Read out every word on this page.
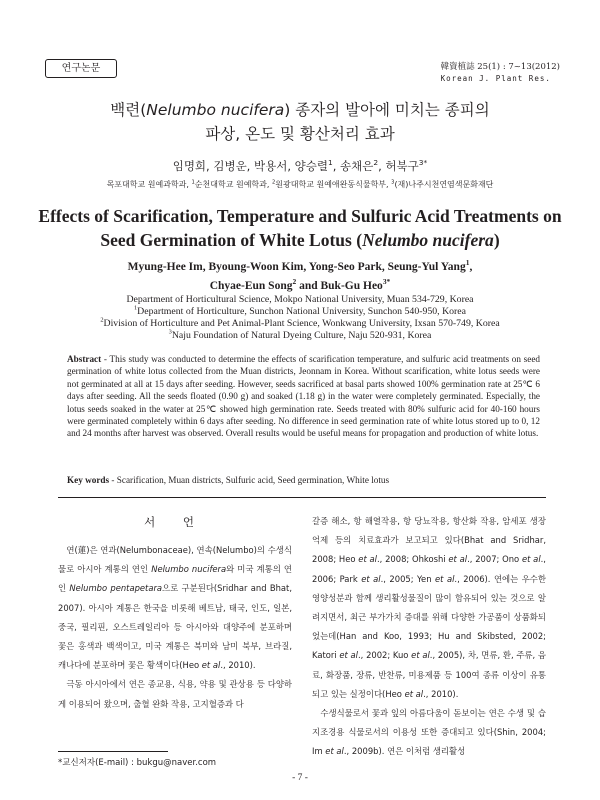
연구논문	韓資植誌 25(1) : 7~13(2012)
Korean J. Plant Res.
백련(Nelumbo nucifera) 종자의 발아에 미치는 종피의
파상, 온도 및 황산처리 효과
임명희, 김병운, 박용서, 양승렬$^1$, 송채은$^2$, 허북구$^{3*}$
목포대학교 원예과학과, $^1$순천대학교 원예학과, $^2$원광대학교 원예애완동식물학부, $^3$(재)나주시천연염색문화재단
Effects of Scarification, Temperature and Sulfuric Acid Treatments on
Seed Germination of White Lotus (Nelumbo nucifera)
Myung-Hee Im, Byoung-Woon Kim, Yong-Seo Park, Seung-Yul Yang$^1$,
Chyae-Eun Song$^2$ and Buk-Gu Heo$^{3*}$
Department of Horticultural Science, Mokpo National University, Muan 534-729, Korea
$^1$Department of Horticulture, Sunchon National University, Sunchon 540-950, Korea
$^2$Division of Horticulture and Pet Animal-Plant Science, Wonkwang University, Ixsan 570-749, Korea
$^3$Naju Foundation of Natural Dyeing Culture, Naju 520-931, Korea
Abstract - This study was conducted to determine the effects of scarification temperature, and sulfuric acid treatments on seed germination of white lotus collected from the Muan districts, Jeonnam in Korea. Without scarification, white lotus seeds were not germinated at all at 15 days after seeding. However, seeds sacrificed at basal parts showed 100% germination rate at 25℃ 6 days after seeding. All the seeds floated (0.90 g) and soaked (1.18 g) in the water were completely germinated. Especially, the lotus seeds soaked in the water at 25℃ showed high germination rate. Seeds treated with 80% sulfuric acid for 40-160 hours were germinated completely within 6 days after seeding. No difference in seed germination rate of white lotus stored up to 0, 12 and 24 months after harvest was observed. Overall results would be useful means for propagation and production of white lotus.
Key words - Scarification, Muan districts, Sulfuric acid, Seed germination, White lotus
서 언

연(蓮)은 연과(Nelumbonaceae), 연속(Nelumbo)의 수생식물로 아시아 계통의 연인 Nelumbo nucifera와 미국 계통의 연인 Nelumbo pentapetara으로 구분된다(Sridhar and Bhat, 2007). 아시아 계통은 한국을 비롯해 베트남, 태국, 인도, 일본, 중국, 필리핀, 오스트레일리아 등 아시아와 대양주에 분포하며 꽃은 홍색과 백색이고, 미국 계통은 북미와 남미 북부, 브라질, 캐나다에 분포하며 꽃은 황색이다(Heo et al., 2010).

극동 아시아에서 연은 종교용, 식용, 약용 및 관상용 등 다양하게 이용되어 왔으며, 출혈 완화 작용, 고지혈증과 다

갈증 해소, 항 해열작용, 항 당뇨작용, 항산화 작용, 암세포 생장억제 등의 치료효과가 보고되고 있다(Bhat and Sridhar, 2008; Heo et al., 2008; Ohkoshi et al., 2007; Ono et al., 2006; Park et al., 2005; Yen et al., 2006). 연에는 우수한 영양성분과 함께 생리활성물질이 많이 함유되어 있는 것으로 알려지면서, 최근 부가가치 증대를 위해 다양한 가공품이 상품화되었는데(Han and Koo, 1993; Hu and Skibsted, 2002; Katori et al., 2002; Kuo et al., 2005), 차, 면류, 환, 주류, 음료, 화장품, 장류, 반찬류, 미용제품 등 100여 종류 이상이 유통되고 있는 실정이다(Heo et al., 2010).

수생식물로서 꽃과 잎의 아름다움이 돋보이는 연은 수생 및 습지조경용 식물로서의 이용성 또한 증대되고 있다(Shin, 2004; Im et al., 2009b). 연은 이처럼 생리활성

*교신저자(E-mail) : bukgu@naver.com
- 7 -
